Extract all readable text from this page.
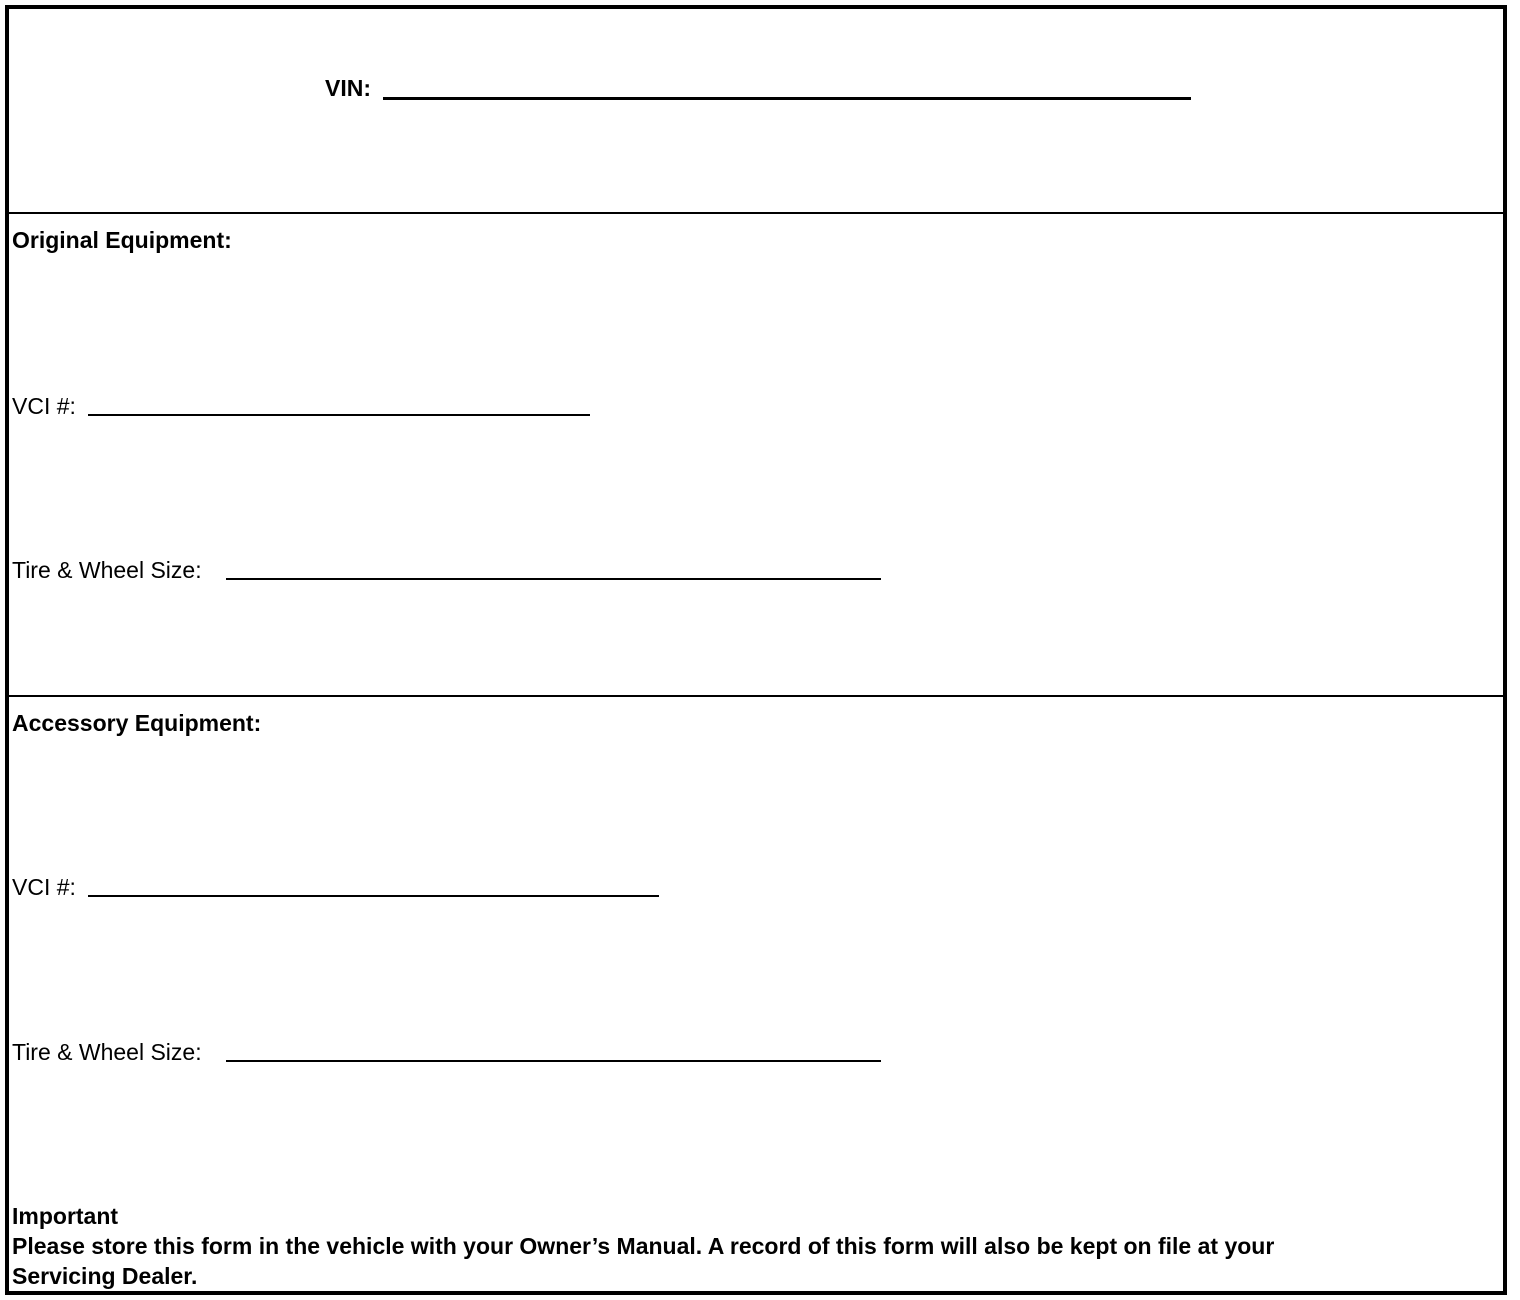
VIN:
Original Equipment:
VCI #:
Tire & Wheel Size:
Accessory Equipment:
VCI #:
Tire & Wheel Size:
Important
Please store this form in the vehicle with your Owner’s Manual. A record of this form will also be kept on file at your
Servicing Dealer.
